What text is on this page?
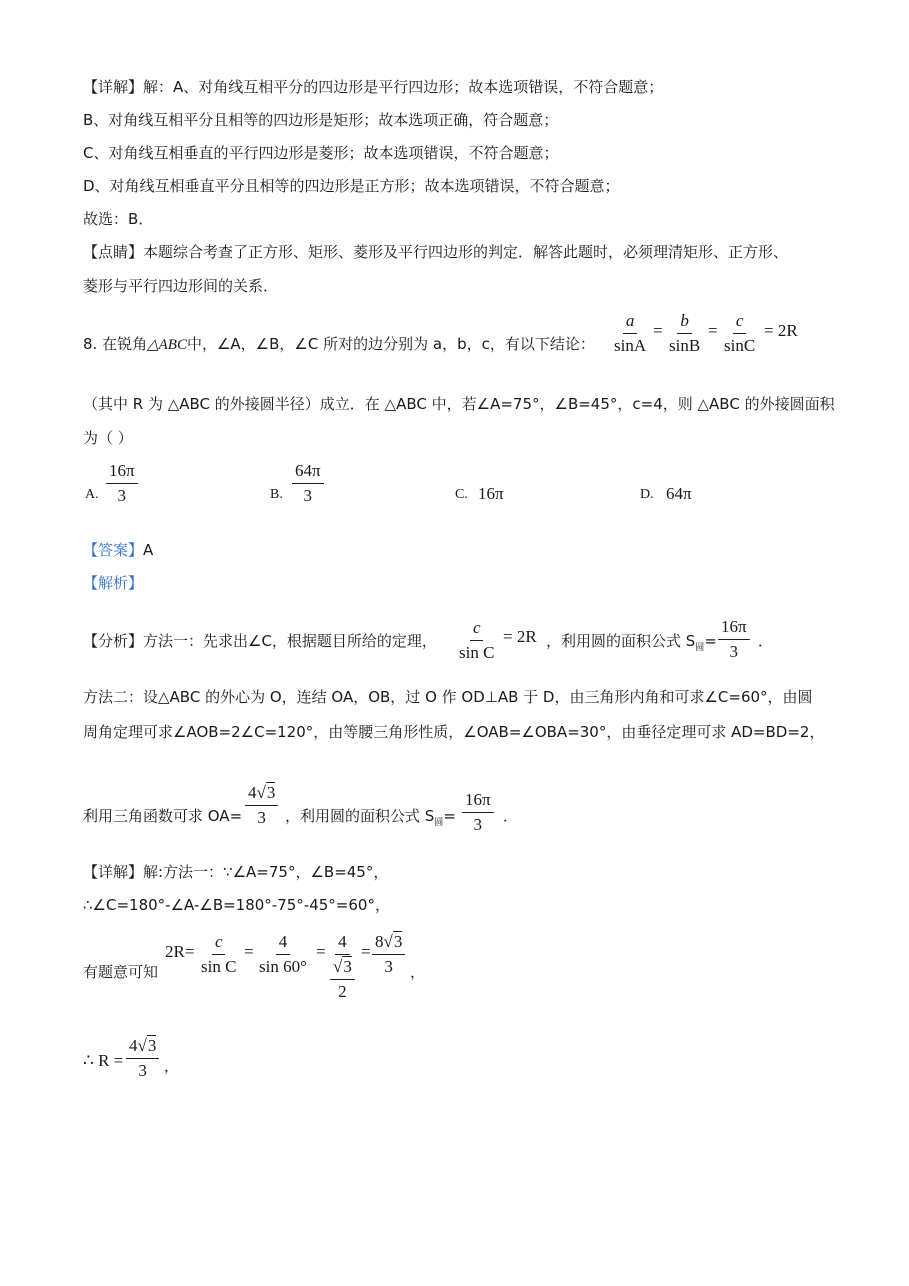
【详解】解：A、对角线互相平分的四边形是平行四边形；故本选项错误，不符合题意；
B、对角线互相平分且相等的四边形是矩形；故本选项正确，符合题意；
C、对角线互相垂直的平行四边形是菱形；故本选项错误，不符合题意；
D、对角线互相垂直平分且相等的四边形是正方形；故本选项错误，不符合题意；
故选：B．
【点睛】本题综合考查了正方形、矩形、菱形及平行四边形的判定．解答此题时，必须理清矩形、正方形、
菱形与平行四边形间的关系．
8. 在锐角△ABC中，∠A，∠B，∠C 所对的边分别为 a，b，c，有以下结论： $\frac{a}{\sin A} = \frac{b}{\sin B} = \frac{c}{\sin C} = 2R$
（其中 R 为 △ABC 的外接圆半径）成立．在 △ABC 中，若∠A=75°，∠B=45°，c=4，则 △ABC 的外接圆面积
为（ ）
A. $\frac{16\pi}{3}$	B. $\frac{64\pi}{3}$	C. 16π	D. 64π
【答案】A
【解析】
【分析】方法一：先求出∠C，根据题目所给的定理， $\frac{c}{\text{sin C}} = 2R$ ，利用圆的面积公式 $S_圆= \frac{16\pi}{3}$ ．
方法二：设△ABC 的外心为 O，连结 OA，OB，过 O 作 OD⊥AB 于 D，由三角形内角和可求∠C=60°，由圆
周角定理可求∠AOB=2∠C=120°，由等腰三角形性质，∠OAB=∠OBA=30°，由垂径定理可求 AD=BD=2，
利用三角函数可求 $OA= \frac{4√3}{3}$ ，利用圆的面积公式 $S_圆= \frac{16\pi}{3}$ ．
【详解】解:方法一：∵∠A=75°，∠B=45°，
∴∠C=180°-∠A-∠B=180°-75°-45°=60°，
有题意可知
$2R= \frac{c}{\text{sin C}} = \frac{4}{\sin 60^\circ}$ =
4
√3
2
= $\frac{8√3}{3}$ ，
∴ $R = \frac{4√3}{3}$ ，
